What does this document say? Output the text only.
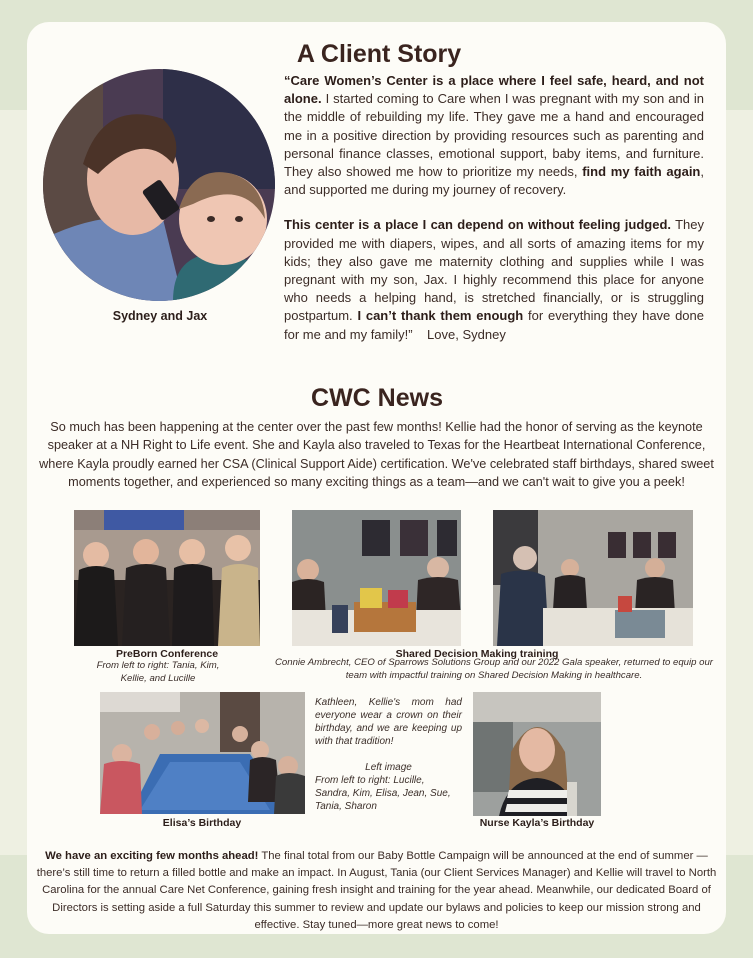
A Client Story
Sydney and Jax

“Care Women’s Center is a place where I feel safe, heard, and not alone. I started coming to Care when I was pregnant with my son and in the middle of rebuilding my life. They gave me a hand and encouraged me in a positive direction by providing resources such as parenting and personal finance classes, emotional support, baby items, and furniture. They also showed me how to prioritize my needs, find my faith again, and supported me during my journey of recovery.

This center is a place I can depend on without feeling judged. They provided me with diapers, wipes, and all sorts of amazing items for my kids; they also gave me maternity clothing and supplies while I was pregnant with my son, Jax. I highly recommend this place for anyone who needs a helping hand, is stretched financially, or is struggling postpartum. I can’t thank them enough for everything they have done for me and my family!” Love, Sydney

CWC News
So much has been happening at the center over the past few months! Kellie had the honor of serving as the keynote speaker at a NH Right to Life event. She and Kayla also traveled to Texas for the Heartbeat International Conference, where Kayla proudly earned her CSA (Clinical Support Aide) certification. We've celebrated staff birthdays, shared sweet moments together, and experienced so many exciting things as a team—and we can't wait to give you a peek!
PreBorn Conference
From left to right: Tania, Kim, Kellie, and Lucille
Shared Decision Making training
Connie Ambrecht, CEO of Sparrows Solutions Group and our 2022 Gala speaker, returned to equip our team with impactful training on Shared Decision Making in healthcare.
Elisa’s Birthday
Kathleen, Kellie's mom had everyone wear a crown on their birthday, and we are keeping up with that tradition!
Left image
From left to right: Lucille, Sandra, Kim, Elisa, Jean, Sue, Tania, Sharon
Nurse Kayla’s Birthday
We have an exciting few months ahead! The final total from our Baby Bottle Campaign will be announced at the end of summer —there’s still time to return a filled bottle and make an impact. In August, Tania (our Client Services Manager) and Kellie will travel to North Carolina for the annual Care Net Conference, gaining fresh insight and training for the year ahead. Meanwhile, our dedicated Board of Directors is setting aside a full Saturday this summer to review and update our bylaws and policies to keep our mission strong and effective. Stay tuned—more great news to come!
